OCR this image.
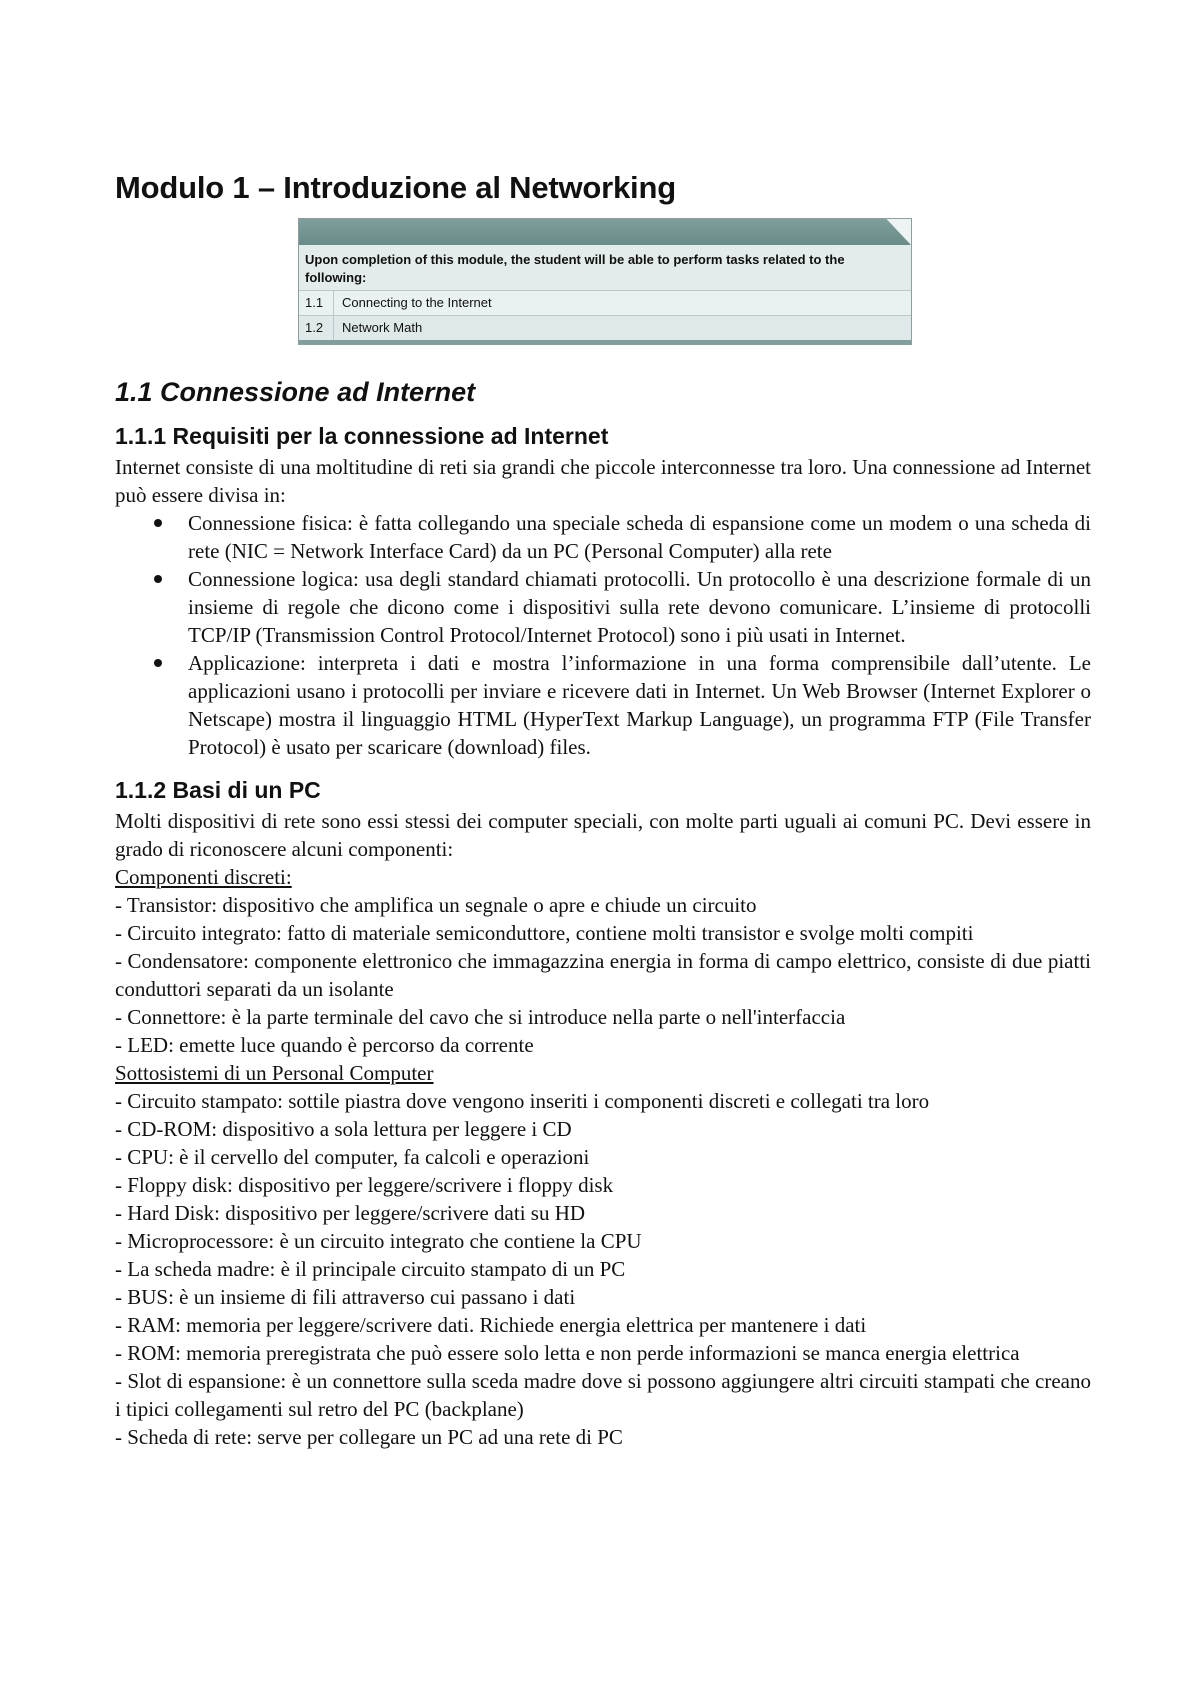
Modulo 1 – Introduzione al Networking
Upon completion of this module, the student will be able to perform tasks related to the following:
1.1	Connecting to the Internet
1.2	Network Math
1.1 Connessione ad Internet
1.1.1 Requisiti per la connessione ad Internet

Internet consiste di una moltitudine di reti sia grandi che piccole interconnesse tra loro. Una connessione ad Internet può essere divisa in:

Connessione fisica: è fatta collegando una speciale scheda di espansione come un modem o una scheda di rete (NIC = Network Interface Card) da un PC (Personal Computer) alla rete
Connessione logica: usa degli standard chiamati protocolli. Un protocollo è una descrizione formale di un insieme di regole che dicono come i dispositivi sulla rete devono comunicare. L’insieme di protocolli TCP/IP (Transmission Control Protocol/Internet Protocol) sono i più usati in Internet.
Applicazione: interpreta i dati e mostra l’informazione in una forma comprensibile dall’utente. Le applicazioni usano i protocolli per inviare e ricevere dati in Internet. Un Web Browser (Internet Explorer o Netscape) mostra il linguaggio HTML (HyperText Markup Language), un programma FTP (File Transfer Protocol) è usato per scaricare (download) files.
1.1.2 Basi di un PC

Molti dispositivi di rete sono essi stessi dei computer speciali, con molte parti uguali ai comuni PC. Devi essere in grado di riconoscere alcuni componenti:

Componenti discreti:

- Transistor: dispositivo che amplifica un segnale o apre e chiude un circuito

- Circuito integrato: fatto di materiale semiconduttore, contiene molti transistor e svolge molti compiti

- Condensatore: componente elettronico che immagazzina energia in forma di campo elettrico, consiste di due piatti conduttori separati da un isolante

- Connettore: è la parte terminale del cavo che si introduce nella parte o nell'interfaccia

- LED: emette luce quando è percorso da corrente

Sottosistemi di un Personal Computer

- Circuito stampato: sottile piastra dove vengono inseriti i componenti discreti e collegati tra loro

- CD-ROM: dispositivo a sola lettura per leggere i CD

- CPU: è il cervello del computer, fa calcoli e operazioni

- Floppy disk: dispositivo per leggere/scrivere i floppy disk

- Hard Disk: dispositivo per leggere/scrivere dati su HD

- Microprocessore: è un circuito integrato che contiene la CPU

- La scheda madre: è il principale circuito stampato di un PC

- BUS: è un insieme di fili attraverso cui passano i dati

- RAM: memoria per leggere/scrivere dati. Richiede energia elettrica per mantenere i dati

- ROM: memoria preregistrata che può essere solo letta e non perde informazioni se manca energia elettrica

- Slot di espansione: è un connettore sulla sceda madre dove si possono aggiungere altri circuiti stampati che creano i tipici collegamenti sul retro del PC (backplane)

- Scheda di rete: serve per collegare un PC ad una rete di PC
